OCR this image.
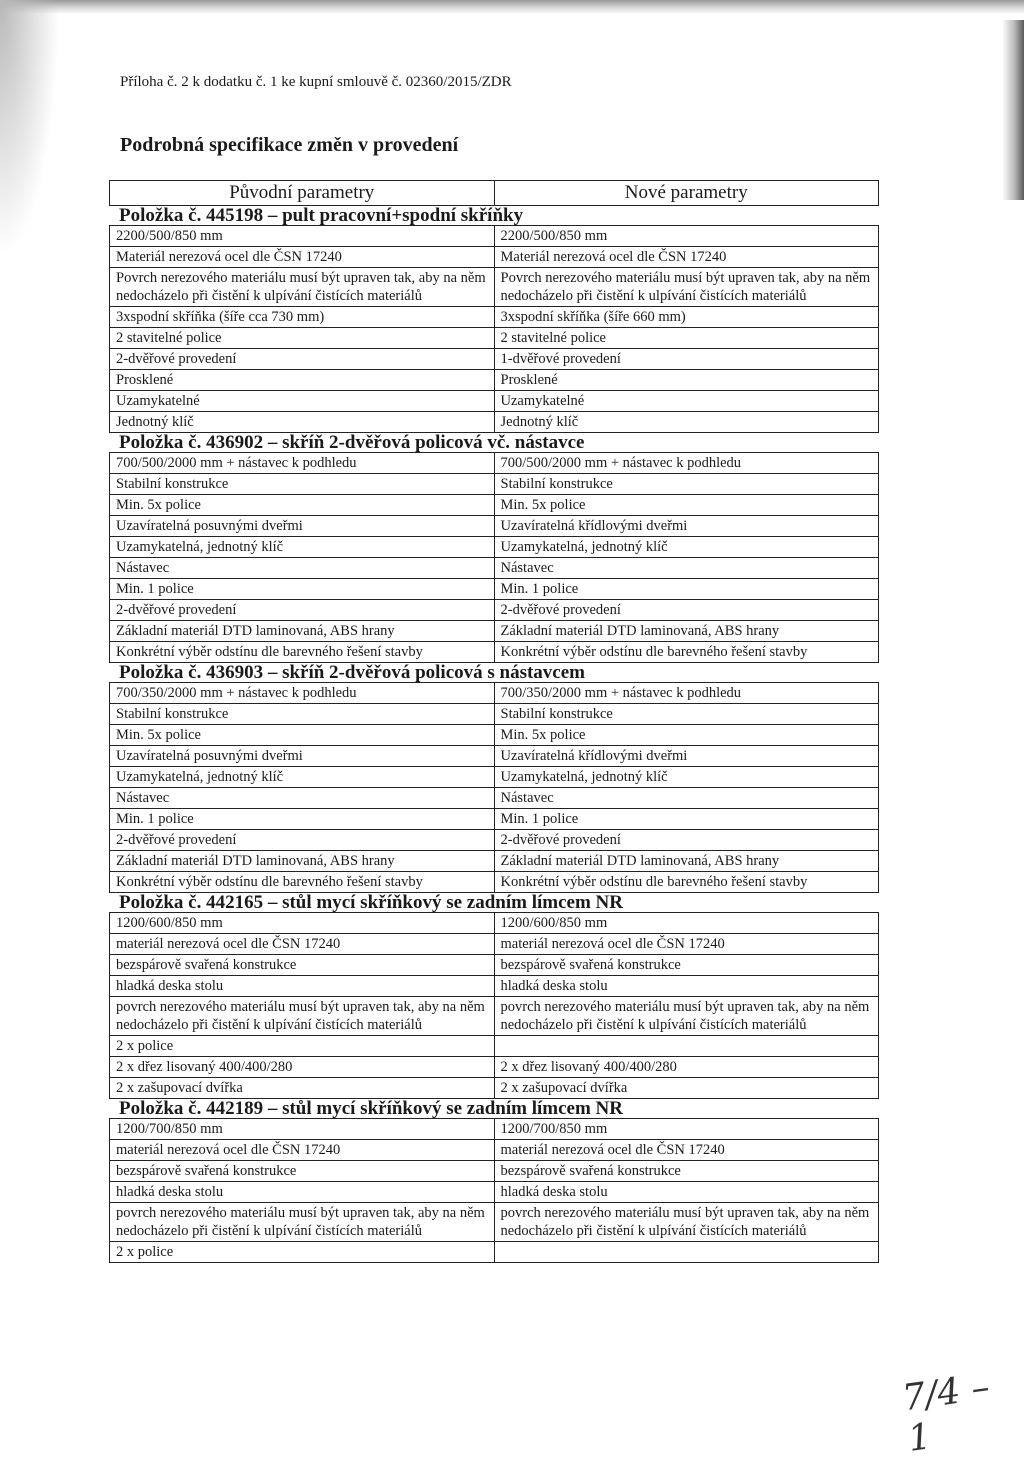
Příloha č. 2 k dodatku č. 1 ke kupní smlouvě č. 02360/2015/ZDR
Podrobná specifikace změn v provedení
Původní parametry	Nové parametry
Položka č. 445198 – pult pracovní+spodní skříňky
2200/500/850 mm	2200/500/850 mm
Materiál nerezová ocel dle ČSN 17240	Materiál nerezová ocel dle ČSN 17240
Povrch nerezového materiálu musí být upraven tak, aby na něm nedocházelo při čistění k ulpívání čistících materiálů	Povrch nerezového materiálu musí být upraven tak, aby na něm nedocházelo při čistění k ulpívání čistících materiálů
3xspodní skříňka (šíře cca 730 mm)	3xspodní skříňka (šíře 660 mm)
2 stavitelné police	2 stavitelné police
2-dvěřové provedení	1-dvěřové provedení
Prosklené	Prosklené
Uzamykatelné	Uzamykatelné
Jednotný klíč	Jednotný klíč
Položka č. 436902 – skříň 2-dvěřová policová vč. nástavce
700/500/2000 mm + nástavec k podhledu	700/500/2000 mm + nástavec k podhledu
Stabilní konstrukce	Stabilní konstrukce
Min. 5x police	Min. 5x police
Uzavíratelná posuvnými dveřmi	Uzavíratelná křídlovými dveřmi
Uzamykatelná, jednotný klíč	Uzamykatelná, jednotný klíč
Nástavec	Nástavec
Min. 1 police	Min. 1 police
2-dvěřové provedení	2-dvěřové provedení
Základní materiál DTD laminovaná, ABS hrany	Základní materiál DTD laminovaná, ABS hrany
Konkrétní výběr odstínu dle barevného řešení stavby	Konkrétní výběr odstínu dle barevného řešení stavby
Položka č. 436903 – skříň 2-dvěřová policová s nástavcem
700/350/2000 mm + nástavec k podhledu	700/350/2000 mm + nástavec k podhledu
Stabilní konstrukce	Stabilní konstrukce
Min. 5x police	Min. 5x police
Uzavíratelná posuvnými dveřmi	Uzavíratelná křídlovými dveřmi
Uzamykatelná, jednotný klíč	Uzamykatelná, jednotný klíč
Nástavec	Nástavec
Min. 1 police	Min. 1 police
2-dvěřové provedení	2-dvěřové provedení
Základní materiál DTD laminovaná, ABS hrany	Základní materiál DTD laminovaná, ABS hrany
Konkrétní výběr odstínu dle barevného řešení stavby	Konkrétní výběr odstínu dle barevného řešení stavby
Položka č. 442165 – stůl mycí skříňkový se zadním límcem NR
1200/600/850 mm	1200/600/850 mm
materiál nerezová ocel dle ČSN 17240	materiál nerezová ocel dle ČSN 17240
bezspárově svařená konstrukce	bezspárově svařená konstrukce
hladká deska stolu	hladká deska stolu
povrch nerezového materiálu musí být upraven tak, aby na něm nedocházelo při čistění k ulpívání čistících materiálů	povrch nerezového materiálu musí být upraven tak, aby na něm nedocházelo při čistění k ulpívání čistících materiálů
2 x police	
2 x dřez lisovaný 400/400/280	2 x dřez lisovaný 400/400/280
2 x zašupovací dvířka	2 x zašupovací dvířka
Položka č. 442189 – stůl mycí skříňkový se zadním límcem NR
1200/700/850 mm	1200/700/850 mm
materiál nerezová ocel dle ČSN 17240	materiál nerezová ocel dle ČSN 17240
bezspárově svařená konstrukce	bezspárově svařená konstrukce
hladká deska stolu	hladká deska stolu
povrch nerezového materiálu musí být upraven tak, aby na něm nedocházelo při čistění k ulpívání čistících materiálů	povrch nerezového materiálu musí být upraven tak, aby na něm nedocházelo při čistění k ulpívání čistících materiálů
2 x police	
7/4 – 1
